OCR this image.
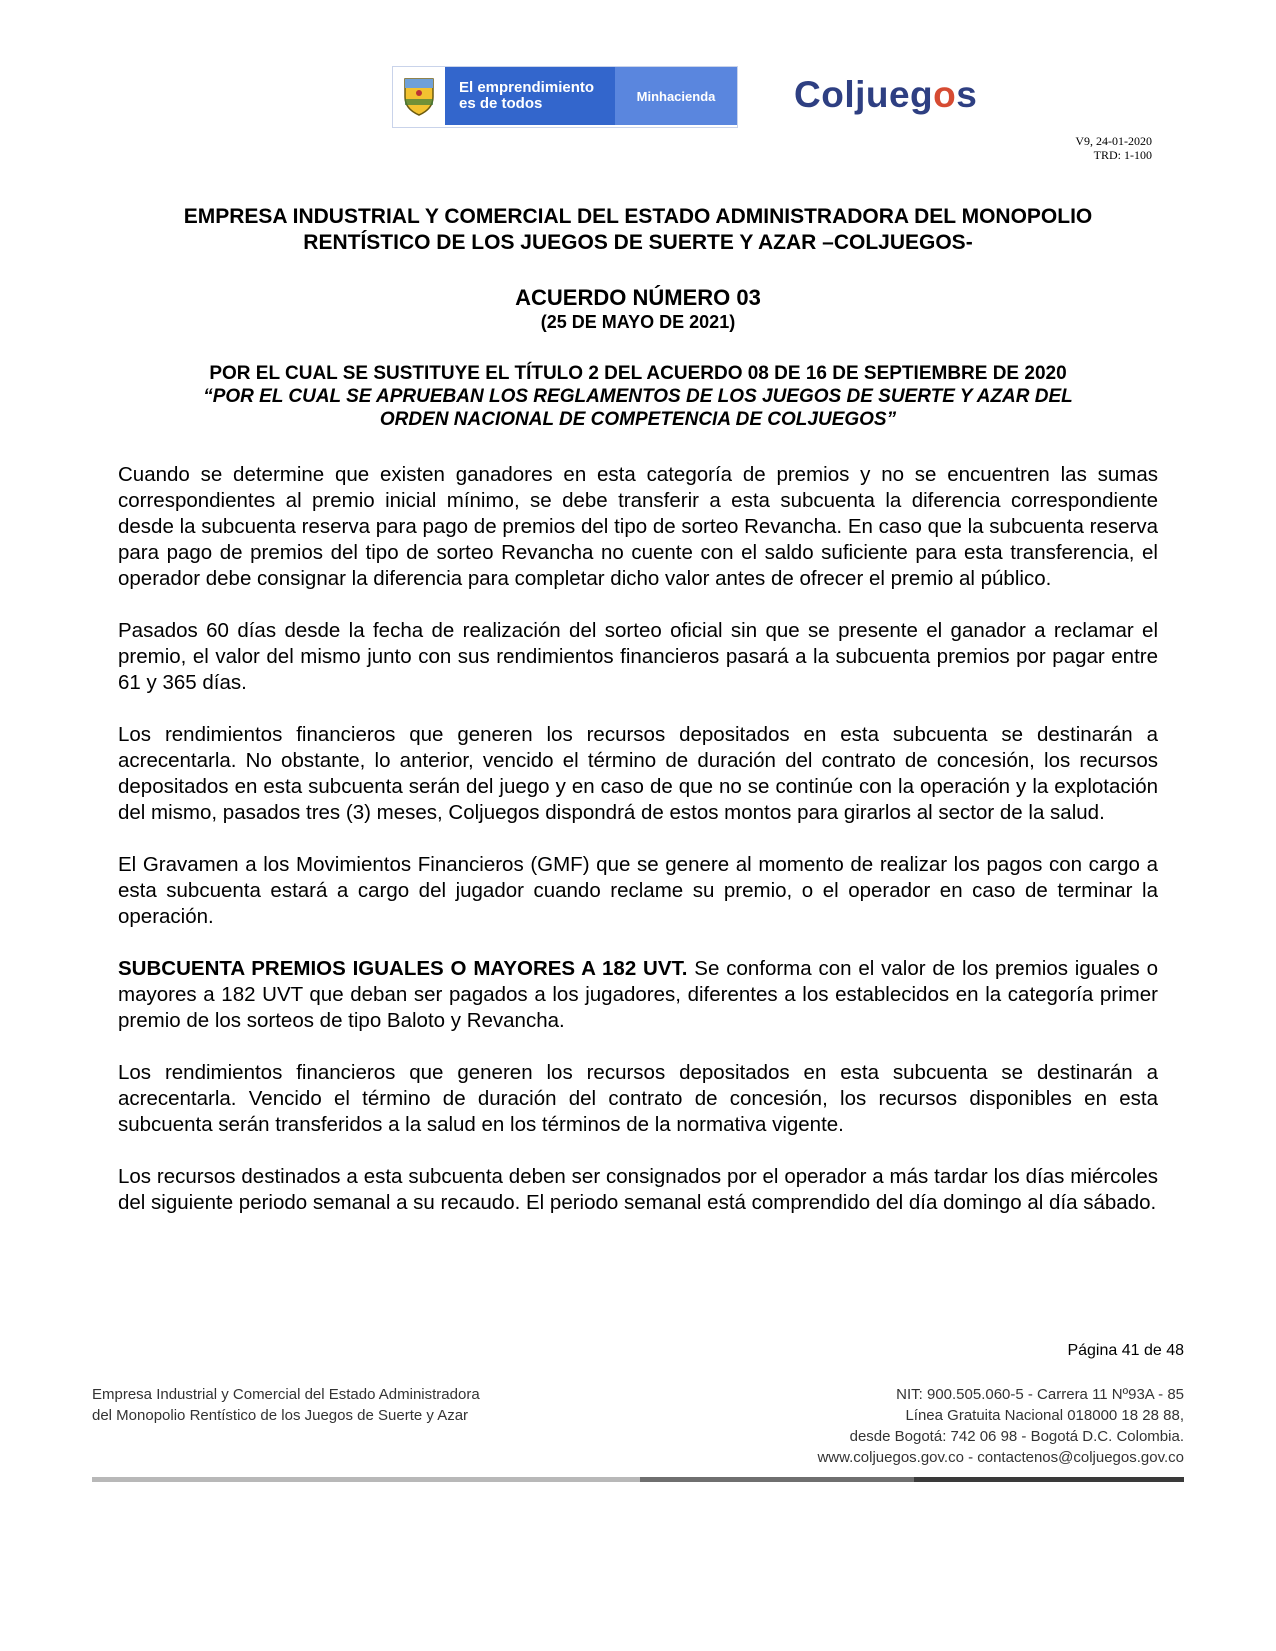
El emprendimiento
es de todos	Minhacienda	Coljuegos
V9, 24-01-2020
TRD: 1-100
EMPRESA INDUSTRIAL Y COMERCIAL DEL ESTADO ADMINISTRADORA DEL MONOPOLIO
RENTÍSTICO DE LOS JUEGOS DE SUERTE Y AZAR –COLJUEGOS-
ACUERDO NÚMERO 03
(25 DE MAYO DE 2021)
POR EL CUAL SE SUSTITUYE EL TÍTULO 2 DEL ACUERDO 08 DE 16 DE SEPTIEMBRE DE 2020
“POR EL CUAL SE APRUEBAN LOS REGLAMENTOS DE LOS JUEGOS DE SUERTE Y AZAR DEL
ORDEN NACIONAL DE COMPETENCIA DE COLJUEGOS”

Cuando se determine que existen ganadores en esta categoría de premios y no se encuentren las sumas correspondientes al premio inicial mínimo, se debe transferir a esta subcuenta la diferencia correspondiente desde la subcuenta reserva para pago de premios del tipo de sorteo Revancha. En caso que la subcuenta reserva para pago de premios del tipo de sorteo Revancha no cuente con el saldo suficiente para esta transferencia, el operador debe consignar la diferencia para completar dicho valor antes de ofrecer el premio al público.

Pasados 60 días desde la fecha de realización del sorteo oficial sin que se presente el ganador a reclamar el premio, el valor del mismo junto con sus rendimientos financieros pasará a la subcuenta premios por pagar entre 61 y 365 días.

Los rendimientos financieros que generen los recursos depositados en esta subcuenta se destinarán a acrecentarla. No obstante, lo anterior, vencido el término de duración del contrato de concesión, los recursos depositados en esta subcuenta serán del juego y en caso de que no se continúe con la operación y la explotación del mismo, pasados tres (3) meses, Coljuegos dispondrá de estos montos para girarlos al sector de la salud.

El Gravamen a los Movimientos Financieros (GMF) que se genere al momento de realizar los pagos con cargo a esta subcuenta estará a cargo del jugador cuando reclame su premio, o el operador en caso de terminar la operación.

SUBCUENTA PREMIOS IGUALES O MAYORES A 182 UVT. Se conforma con el valor de los premios iguales o mayores a 182 UVT que deban ser pagados a los jugadores, diferentes a los establecidos en la categoría primer premio de los sorteos de tipo Baloto y Revancha.

Los rendimientos financieros que generen los recursos depositados en esta subcuenta se destinarán a acrecentarla. Vencido el término de duración del contrato de concesión, los recursos disponibles en esta subcuenta serán transferidos a la salud en los términos de la normativa vigente.

Los recursos destinados a esta subcuenta deben ser consignados por el operador a más tardar los días miércoles del siguiente periodo semanal a su recaudo. El periodo semanal está comprendido del día domingo al día sábado.

Página 41 de 48
Empresa Industrial y Comercial del Estado Administradora
del Monopolio Rentístico de los Juegos de Suerte y Azar
NIT: 900.505.060-5 - Carrera 11 Nº93A - 85
Línea Gratuita Nacional 018000 18 28 88,
desde Bogotá: 742 06 98 - Bogotá D.C. Colombia.
www.coljuegos.gov.co - contactenos@coljuegos.gov.co
